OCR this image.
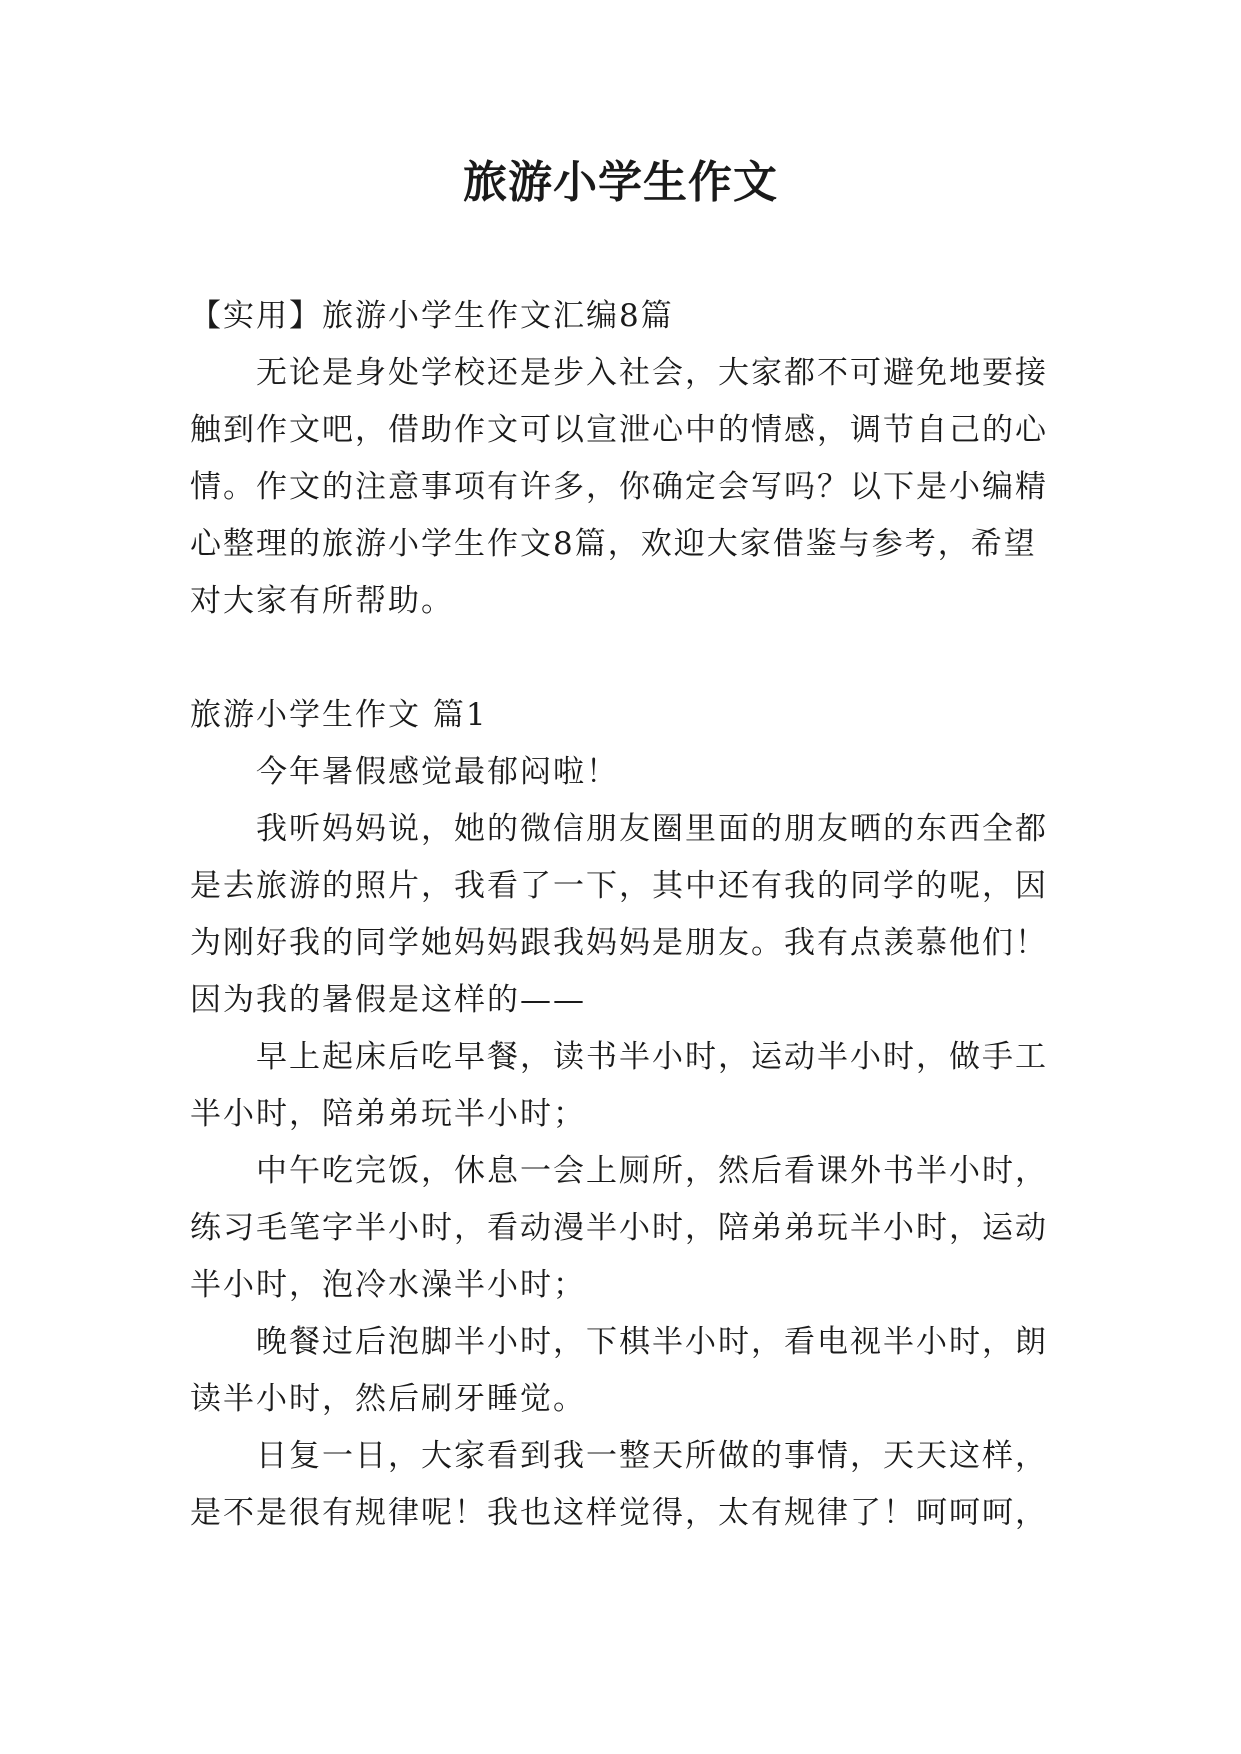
旅游小学生作文

【实用】旅游小学生作文汇编8篇

无论是身处学校还是步入社会，大家都不可避免地要接触到作文吧，借助作文可以宣泄心中的情感，调节自己的心情。作文的注意事项有许多，你确定会写吗？以下是小编精心整理的旅游小学生作文8篇，欢迎大家借鉴与参考，希望对大家有所帮助。

旅游小学生作文 篇1

今年暑假感觉最郁闷啦！

我听妈妈说，她的微信朋友圈里面的朋友晒的东西全都是去旅游的照片，我看了一下，其中还有我的同学的呢，因为刚好我的同学她妈妈跟我妈妈是朋友。我有点羡慕他们！因为我的暑假是这样的——

早上起床后吃早餐，读书半小时，运动半小时，做手工半小时，陪弟弟玩半小时；

中午吃完饭，休息一会上厕所，然后看课外书半小时，练习毛笔字半小时，看动漫半小时，陪弟弟玩半小时，运动半小时，泡冷水澡半小时；

晚餐过后泡脚半小时，下棋半小时，看电视半小时，朗读半小时，然后刷牙睡觉。

日复一日，大家看到我一整天所做的事情，天天这样，是不是很有规律呢！我也这样觉得，太有规律了！呵呵呵，
